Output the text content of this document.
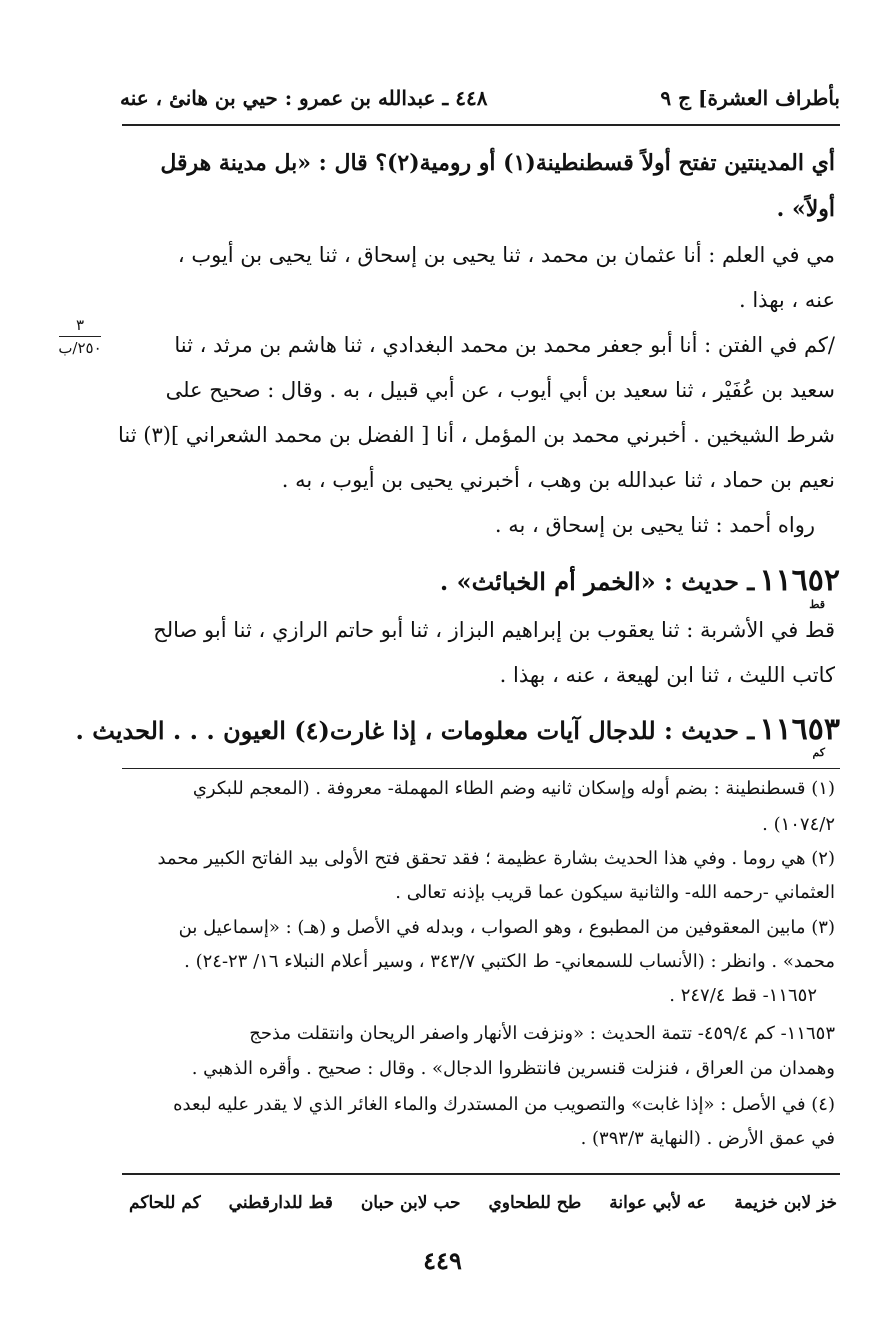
بأطراف العشرة] ج ٩
٤٤٨ ـ عبدالله بن عمرو : حيي بن هانئ ، عنه
٣
٢٥٠/ب
أي المدينتين تفتح أولاً قسطنطينة(١) أو رومية(٢)؟ قال : «بل مدينة هرقل
أولاً» .
مي في العلم : أنا عثمان بن محمد ، ثنا يحيى بن إسحاق ، ثنا يحيى بن أيوب ،
عنه ، بهذا .
/كم في الفتن : أنا أبو جعفر محمد بن محمد البغدادي ، ثنا هاشم بن مرثد ، ثنا
سعيد بن عُفَيْر ، ثنا سعيد بن أبي أيوب ، عن أبي قبيل ، به . وقال : صحيح على
شرط الشيخين . أخبرني محمد بن المؤمل ، أنا [ الفضل بن محمد الشعراني ](٣) ثنا
نعيم بن حماد ، ثنا عبدالله بن وهب ، أخبرني يحيى بن أيوب ، به .
رواه أحمد : ثنا يحيى بن إسحاق ، به .
١١٦٥٢ ـ حديث : «الخمر أم الخبائث» .
قط
قط في الأشربة : ثنا يعقوب بن إبراهيم البزاز ، ثنا أبو حاتم الرازي ، ثنا أبو صالح
كاتب الليث ، ثنا ابن لهيعة ، عنه ، بهذا .
١١٦٥٣ ـ حديث : للدجال آيات معلومات ، إذا غارت(٤) العيون . . . الحديث .
كم
(١) قسطنطينة : بضم أوله وإسكان ثانيه وضم الطاء المهملة- معروفة . (المعجم للبكري
١٠٧٤/٢) .
(٢) هي روما . وفي هذا الحديث بشارة عظيمة ؛ فقد تحقق فتح الأولى بيد الفاتح الكبير محمد
العثماني -رحمه الله- والثانية سيكون عما قريب بإذنه تعالى .
(٣) مابين المعقوفين من المطبوع ، وهو الصواب ، وبدله في الأصل و (هـ) : «إسماعيل بن
محمد» . وانظر : (الأنساب للسمعاني- ط الكتبي ٣٤٣/٧ ، وسير أعلام النبلاء ١٦/ ٢٣-٢٤) .
١١٦٥٢- قط ٢٤٧/٤ .
١١٦٥٣- كم ٤٥٩/٤- تتمة الحديث : «ونزفت الأنهار واصفر الريحان وانتقلت مذحج
وهمدان من العراق ، فنزلت قنسرين فانتظروا الدجال» . وقال : صحيح . وأقره الذهبي .
(٤) في الأصل : «إذا غابت» والتصويب من المستدرك والماء الغائر الذي لا يقدر عليه لبعده
في عمق الأرض . (النهاية ٣٩٣/٣) .
خز لابن خزيمة عه لأبي عوانة طح للطحاوي حب لابن حبان قط للدارقطني كم للحاكم
٤٤٩
